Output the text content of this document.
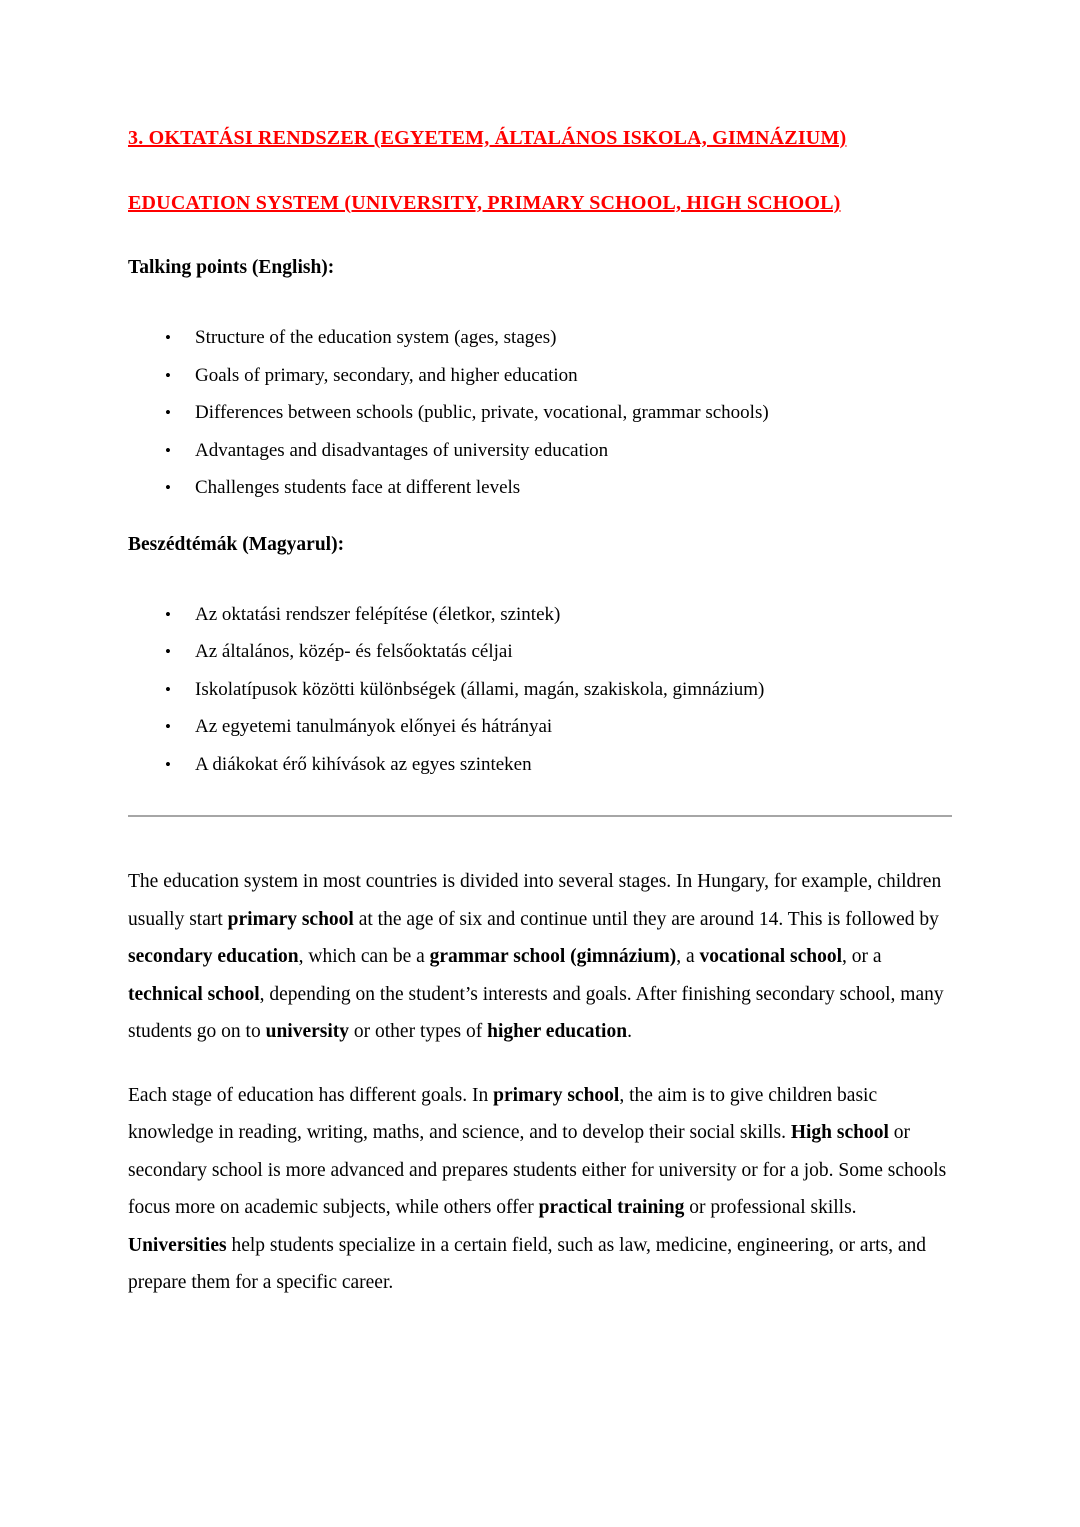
3. OKTATÁSI RENDSZER (EGYETEM, ÁLTALÁNOS ISKOLA, GIMNÁZIUM)
EDUCATION SYSTEM (UNIVERSITY, PRIMARY SCHOOL, HIGH SCHOOL)

Talking points (English):

• Structure of the education system (ages, stages)
• Goals of primary, secondary, and higher education
• Differences between schools (public, private, vocational, grammar schools)
• Advantages and disadvantages of university education
• Challenges students face at different levels

Beszédtémák (Magyarul):

• Az oktatási rendszer felépítése (életkor, szintek)
• Az általános, közép- és felsőoktatás céljai
• Iskolatípusok közötti különbségek (állami, magán, szakiskola, gimnázium)
• Az egyetemi tanulmányok előnyei és hátrányai
• A diákokat érő kihívások az egyes szinteken

The education system in most countries is divided into several stages. In Hungary, for example, children usually start primary school at the age of six and continue until they are around 14. This is followed by secondary education, which can be a grammar school (gimnázium), a vocational school, or a technical school, depending on the student’s interests and goals. After finishing secondary school, many students go on to university or other types of higher education.

Each stage of education has different goals. In primary school, the aim is to give children basic knowledge in reading, writing, maths, and science, and to develop their social skills. High school or secondary school is more advanced and prepares students either for university or for a job. Some schools focus more on academic subjects, while others offer practical training or professional skills. Universities help students specialize in a certain field, such as law, medicine, engineering, or arts, and prepare them for a specific career.
